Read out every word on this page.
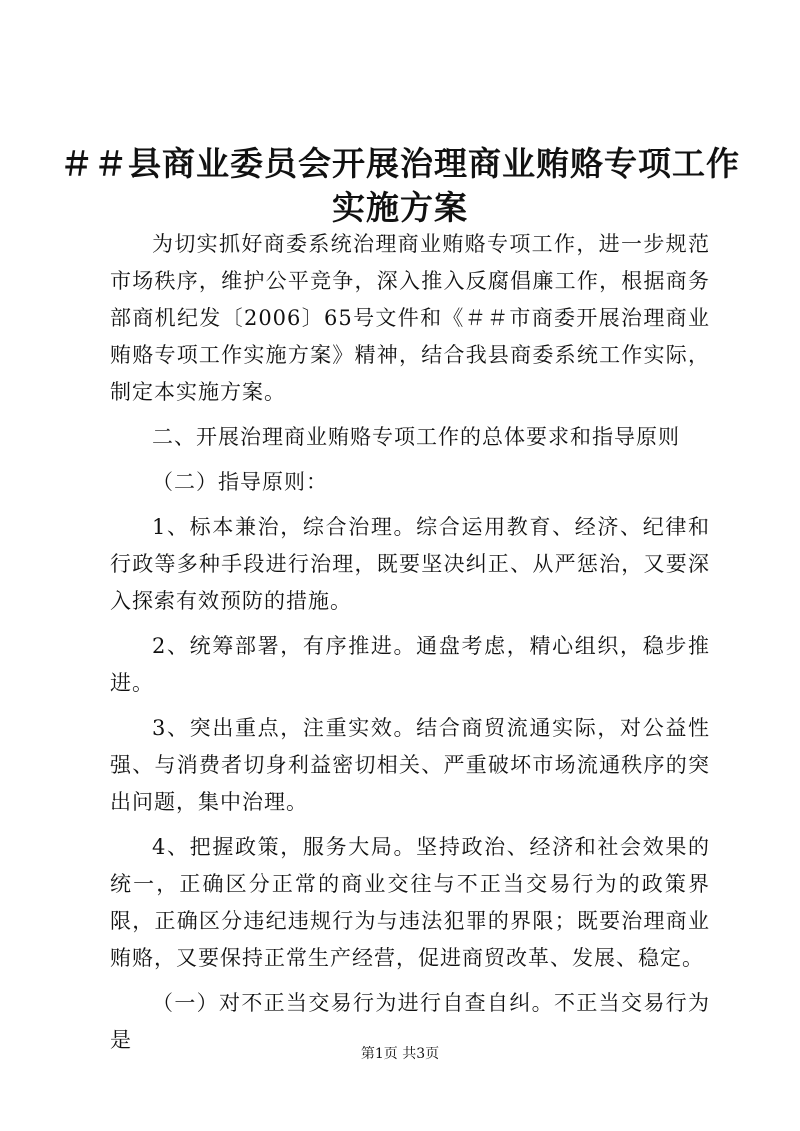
＃＃县商业委员会开展治理商业贿赂专项工作
实施方案

为切实抓好商委系统治理商业贿赂专项工作，进一步规范市场秩序，维护公平竞争，深入推入反腐倡廉工作，根据商务部商机纪发〔2006〕65号文件和《＃＃市商委开展治理商业贿赂专项工作实施方案》精神，结合我县商委系统工作实际，制定本实施方案。

二、开展治理商业贿赂专项工作的总体要求和指导原则

（二）指导原则：

1、标本兼治，综合治理。综合运用教育、经济、纪律和行政等多种手段进行治理，既要坚决纠正、从严惩治，又要深入探索有效预防的措施。

2、统筹部署，有序推进。通盘考虑，精心组织，稳步推进。

3、突出重点，注重实效。结合商贸流通实际，对公益性强、与消费者切身利益密切相关、严重破坏市场流通秩序的突出问题，集中治理。

4、把握政策，服务大局。坚持政治、经济和社会效果的统一，正确区分正常的商业交往与不正当交易行为的政策界限，正确区分违纪违规行为与违法犯罪的界限；既要治理商业贿赂，又要保持正常生产经营，促进商贸改革、发展、稳定。

（一）对不正当交易行为进行自查自纠。不正当交易行为是

第1页 共3页
